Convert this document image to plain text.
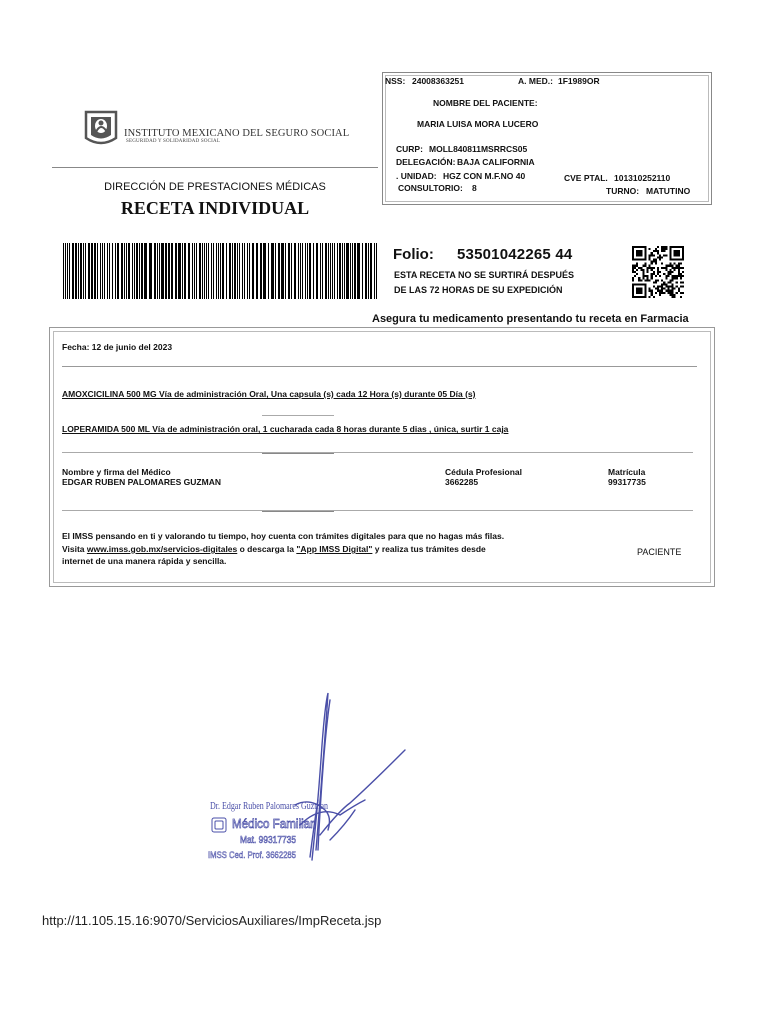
INSTITUTO MEXICANO DEL SEGURO SOCIAL
SEGURIDAD Y SOLIDARIDAD SOCIAL
DIRECCIÓN DE PRESTACIONES MÉDICAS
RECETA INDIVIDUAL
NSS: 24008363251	A. MED.: 1F1989OR
NOMBRE DEL PACIENTE:
MARIA LUISA MORA LUCERO
CURP: MOLL840811MSRRCS05
DELEGACIÓN: BAJA CALIFORNIA
. UNIDAD: HGZ CON M.F.NO 40
CONSULTORIO: 8
CVE PTAL. 101310252110
TURNO: MATUTINO
Folio: 53501042265 44
ESTA RECETA NO SE SURTIRÁ DESPUÉS
DE LAS 72 HORAS DE SU EXPEDICIÓN
Asegura tu medicamento presentando tu receta en Farmacia
Fecha: 12 de junio del 2023
AMOXCICILINA 500 MG Vía de administración Oral, Una capsula (s) cada 12 Hora (s) durante 05 Día (s)
LOPERAMIDA 500 ML Vía de administración oral, 1 cucharada cada 8 horas durante 5 dias , única, surtir 1 caja
Nombre y firma del Médico
EDGAR RUBEN PALOMARES GUZMAN
Cédula Profesional
3662285
Matrícula
99317735
El IMSS pensando en ti y valorando tu tiempo, hoy cuenta con trámites digitales para que no hagas más filas.
Visita www.imss.gob.mx/servicios-digitales o descarga la "App IMSS Digital" y realiza tus trámites desde
internet de una manera rápida y sencilla.
PACIENTE
Dr. Edgar Ruben Palomares Guzman
Médico Familiar
Mat. 99317735
IMSS Ced. Prof. 3662285
http://11.105.15.16:9070/ServiciosAuxiliares/ImpReceta.jsp
